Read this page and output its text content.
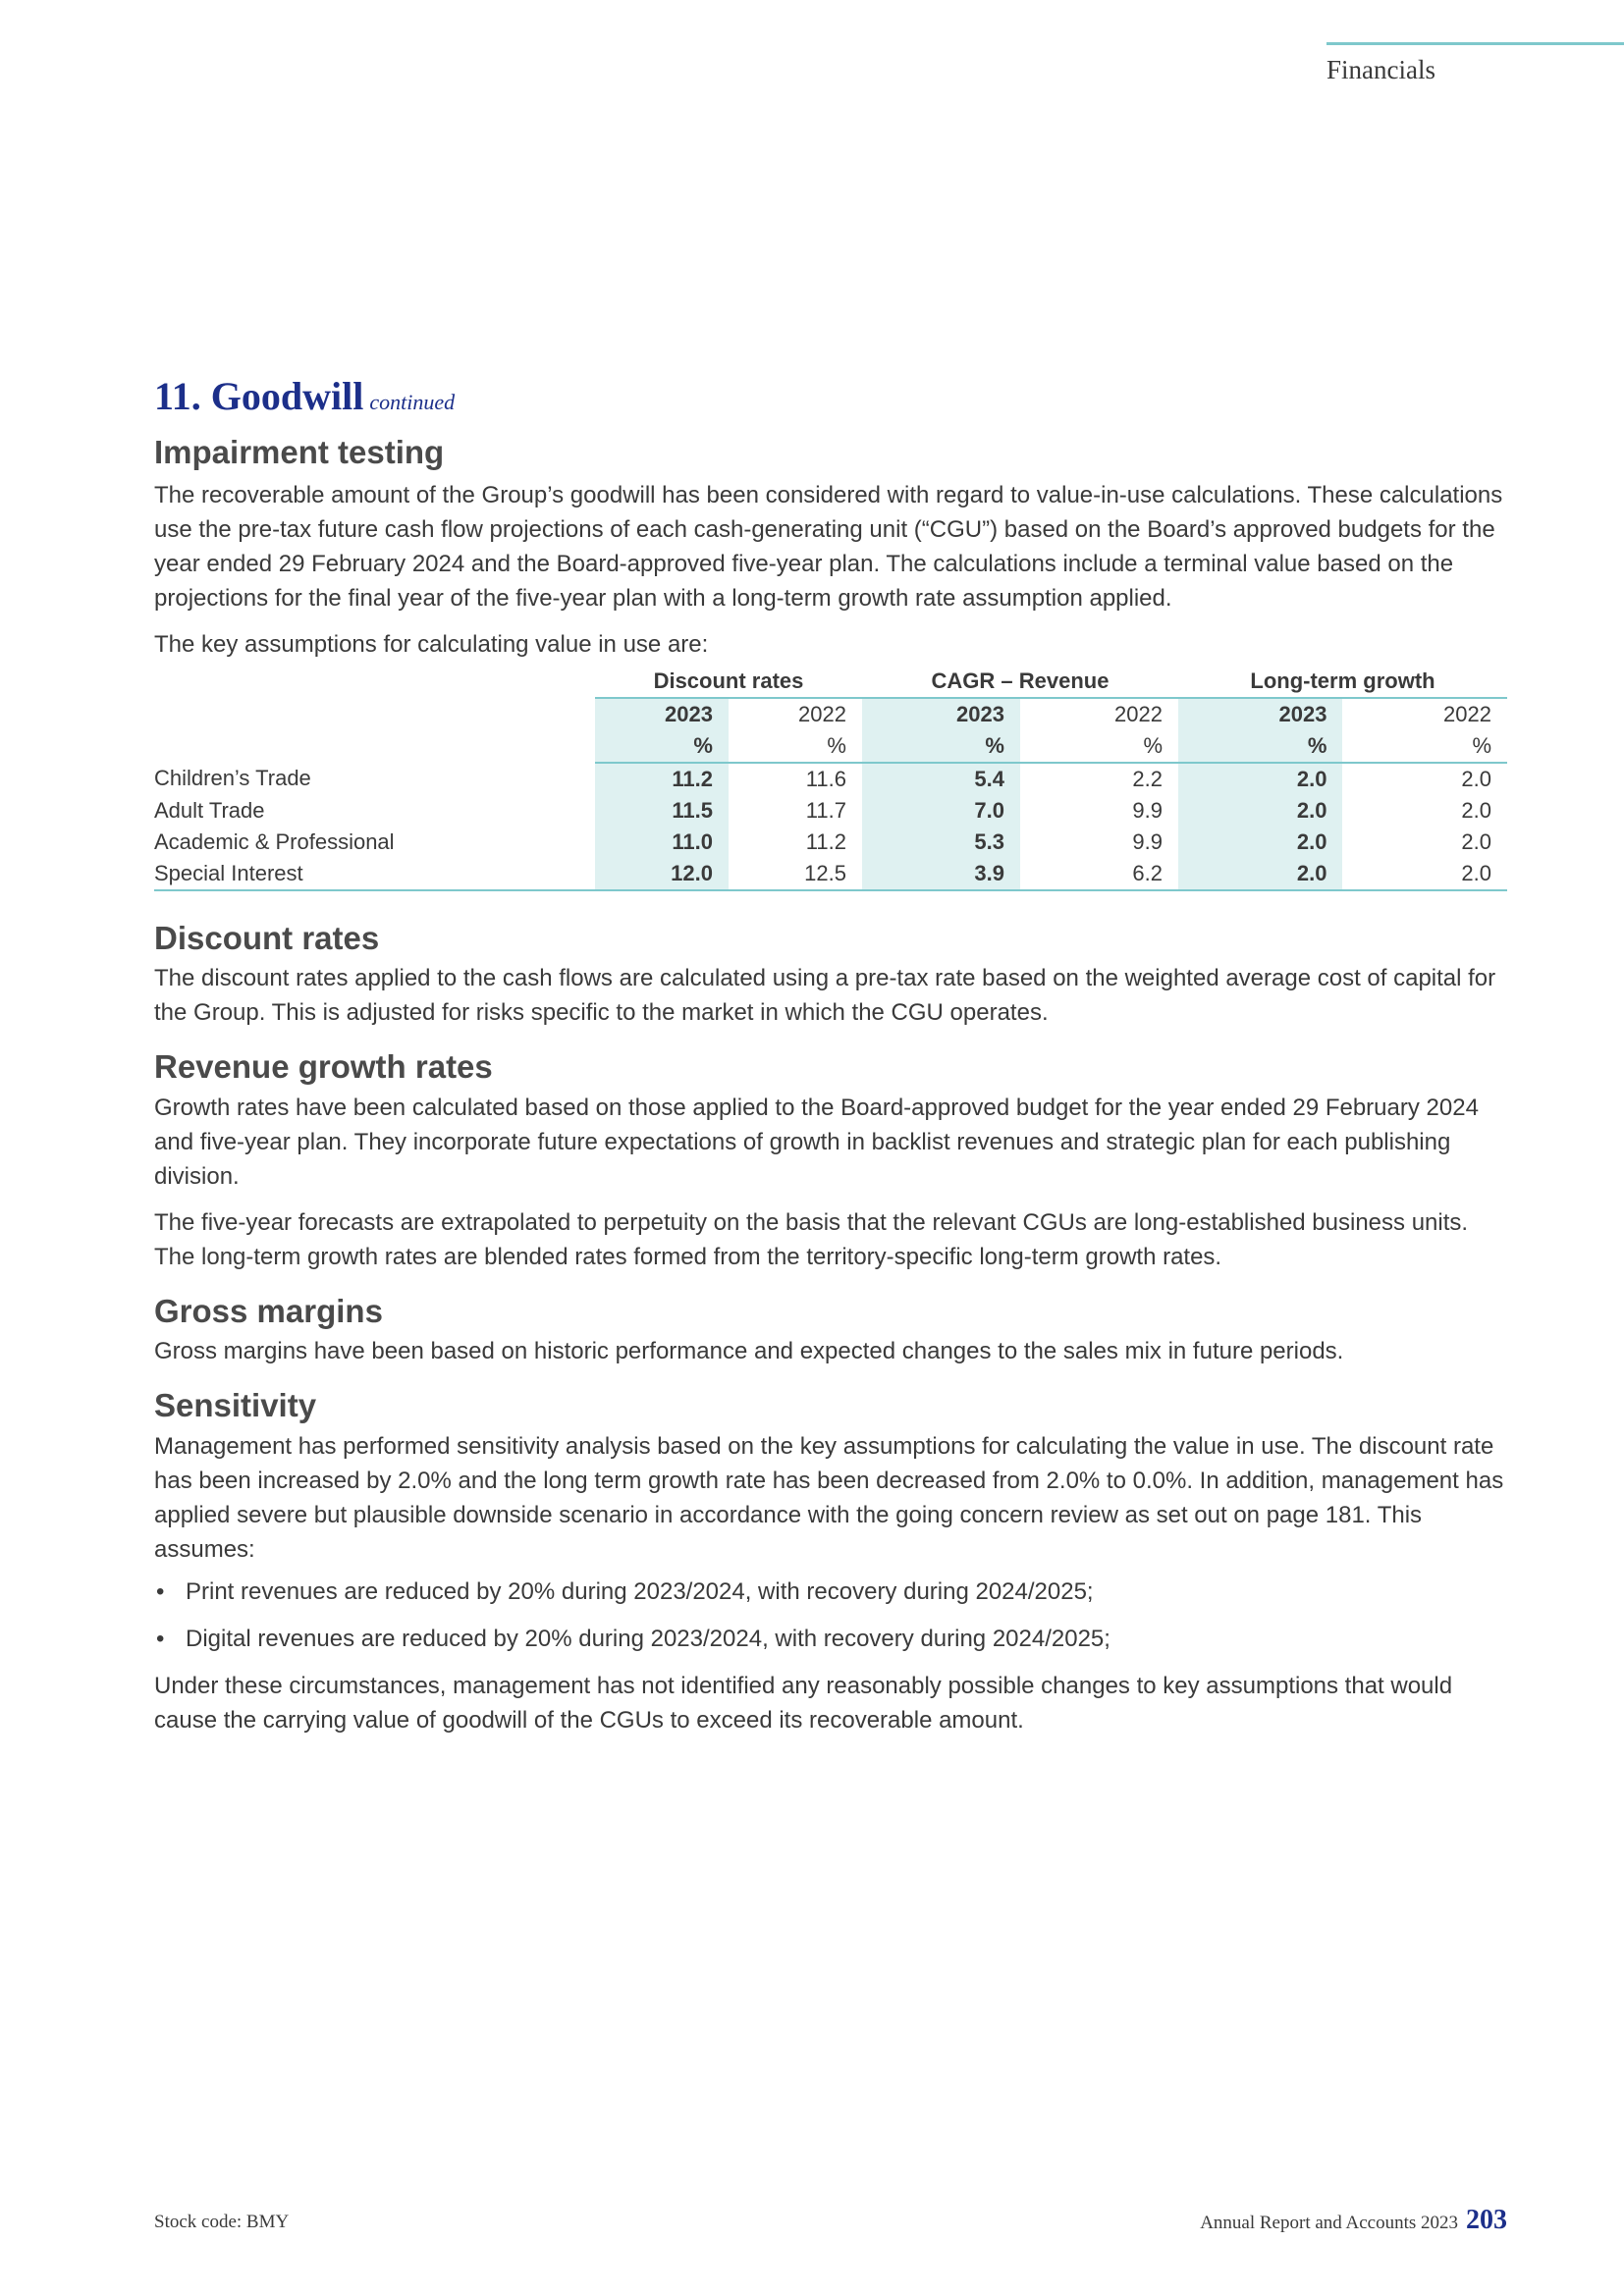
Financials
11. Goodwill continued
Impairment testing

The recoverable amount of the Group’s goodwill has been considered with regard to value-in-use calculations. These calculations use the pre-tax future cash flow projections of each cash-generating unit (“CGU”) based on the Board’s approved budgets for the year ended 29 February 2024 and the Board-approved five-year plan. The calculations include a terminal value based on the projections for the final year of the five-year plan with a long-term growth rate assumption applied.

The key assumptions for calculating value in use are:

	Discount rates		CAGR – Revenue		Long-term growth	
	2023	2022	2023	2022	2023	2022
	%	%	%	%	%	%
Children’s Trade	11.2	11.6	5.4	2.2	2.0	2.0
Adult Trade	11.5	11.7	7.0	9.9	2.0	2.0
Academic & Professional	11.0	11.2	5.3	9.9	2.0	2.0
Special Interest	12.0	12.5	3.9	6.2	2.0	2.0
Discount rates

The discount rates applied to the cash flows are calculated using a pre-tax rate based on the weighted average cost of capital for the Group. This is adjusted for risks specific to the market in which the CGU operates.

Revenue growth rates

Growth rates have been calculated based on those applied to the Board-approved budget for the year ended 29 February 2024 and five-year plan. They incorporate future expectations of growth in backlist revenues and strategic plan for each publishing division.

The five-year forecasts are extrapolated to perpetuity on the basis that the relevant CGUs are long-established business units. The long-term growth rates are blended rates formed from the territory-specific long-term growth rates.

Gross margins

Gross margins have been based on historic performance and expected changes to the sales mix in future periods.

Sensitivity

Management has performed sensitivity analysis based on the key assumptions for calculating the value in use. The discount rate has been increased by 2.0% and the long term growth rate has been decreased from 2.0% to 0.0%. In addition, management has applied severe but plausible downside scenario in accordance with the going concern review as set out on page 181. This assumes:

• Print revenues are reduced by 20% during 2023/2024, with recovery during 2024/2025;
• Digital revenues are reduced by 20% during 2023/2024, with recovery during 2024/2025;

Under these circumstances, management has not identified any reasonably possible changes to key assumptions that would cause the carrying value of goodwill of the CGUs to exceed its recoverable amount.

Stock code: BMY	Annual Report and Accounts 2023 203
